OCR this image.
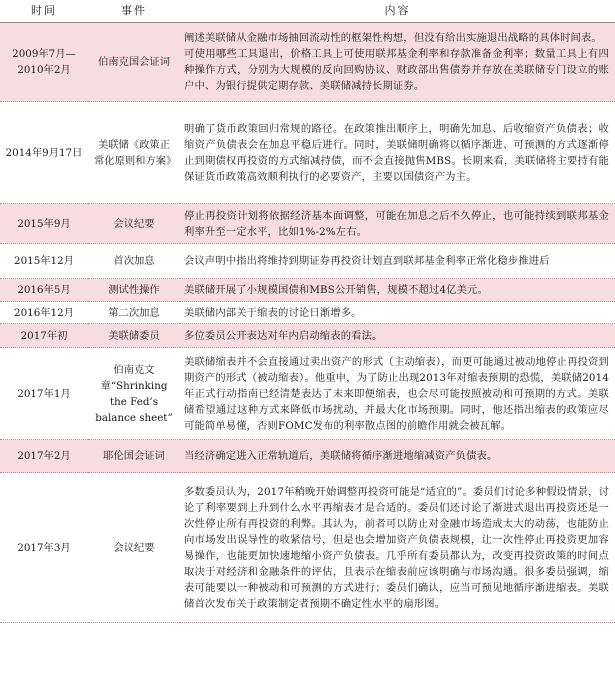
时间	事件	内容
2009年7月—2010年2月	伯南克国会证词	阐述美联储从金融市场抽回流动性的框架性构想，但没有给出实施退出战略的具体时间表。
可使用哪些工具退出，价格工具上可使用联邦基金利率和存款准备金利率；数量工具上有四种操作方式，分别为大规模的反向回购协议、财政部出售债券并存放在美联储专门设立的账户中、为银行提供定期存款、美联储减持长期证券。
2014年9月17日	美联储《政策正常化原则和方案》	明确了货币政策回归常规的路径。在政策推出顺序上，明确先加息、后收缩资产负债表；收缩资产负债表会在加息平稳后进行。同时，美联储明确将以循序渐进、可预测的方式逐渐停止到期债权再投资的方式缩减持债，而不会直接抛售MBS。长期来看，美联储将主要持有能保证货币政策高效顺利执行的必要资产，主要以国债资产为主。
2015年9月	会议纪要	停止再投资计划将依据经济基本面调整，可能在加息之后不久停止，也可能持续到联邦基金利率升至一定水平，比如1%-2%左右。
2015年12月	首次加息	会议声明中指出将维持到期证券再投资计划直到联邦基金利率正常化稳步推进后
2016年5月	测试性操作	美联储开展了小规模国债和MBS公开销售，规模不超过4亿美元。
2016年12月	第二次加息	美联储内部关于缩表的讨论日渐增多。
2017年初	美联储委员	多位委员公开表达对年内启动缩表的看法。
2017年1月	伯南克文章“Shrinking the Fed’s balance sheet”	美联储缩表并不会直接通过卖出资产的形式（主动缩表），而更可能通过被动地停止再投资到期资产的形式（被动缩表）。他重申，为了防止出现2013年对缩表预期的恐慌，美联储2014年正式行动指南已经清楚表达了未来即便缩表，也会尽可能按照被动和可预期的方式。美联储希望通过这种方式来降低市场扰动，并最大化市场预期。同时，他还指出缩表的政策应尽可能简单易懂，否则FOMC发布的利率散点图的前瞻作用就会被瓦解。
2017年2月	耶伦国会证词	当经济确定进入正常轨道后，美联储将循序渐进地缩减资产负债表。
2017年3月	会议纪要	多数委员认为，2017年稍晚开始调整再投资可能是“适宜的”。委员们讨论多种假设情景，讨论了利率要到上升到什么水平再缩表才是合适的。委员们还讨论了渐进式退出再投资还是一次性停止所有再投资的利弊。其认为，前者可以防止对金融市场造成太大的动荡，也能防止向市场发出误导性的收紧信号，但是也会增加资产负债表规模，让一次性停止再投资更加容易操作，也能更加快速地缩小资产负债表。几乎所有委员都认为，改变再投资政策的时间点取决于对经济和金融条件的评估，且表示在缩表前应该明确与市场沟通。很多委员强调，缩表可能要以一种被动和可预测的方式进行；委员们确认，应当可预见地循序渐进缩表。美联储首次发布关于政策制定者预期不确定性水平的扇形图。
